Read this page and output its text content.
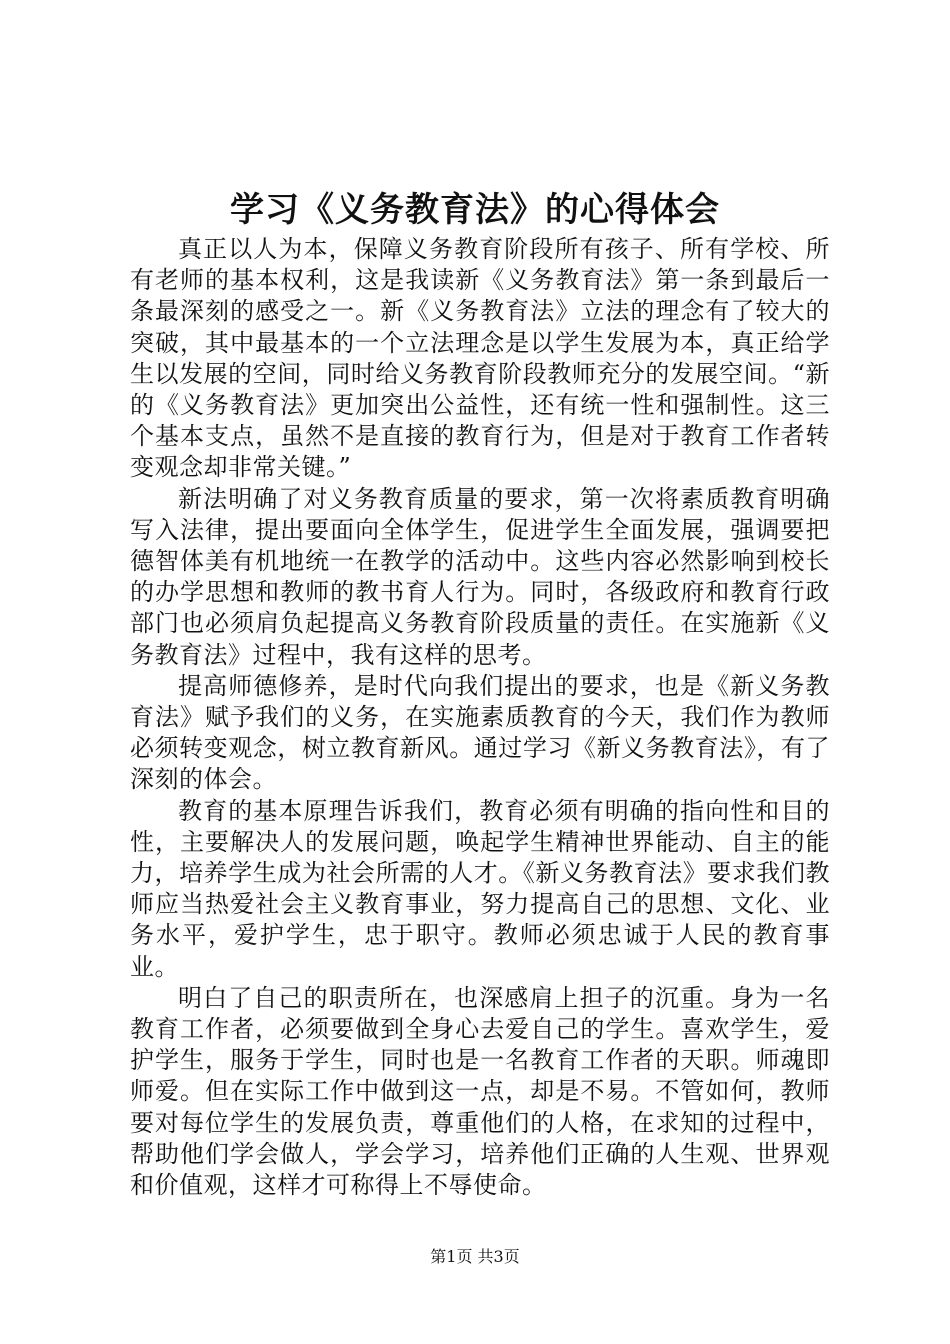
学习《义务教育法》的心得体会

真正以人为本，保障义务教育阶段所有孩子、所有学校、所有老师的基本权利，这是我读新《义务教育法》第一条到最后一条最深刻的感受之一。新《义务教育法》立法的理念有了较大的突破，其中最基本的一个立法理念是以学生发展为本，真正给学生以发展的空间，同时给义务教育阶段教师充分的发展空间。“新的《义务教育法》更加突出公益性，还有统一性和强制性。这三个基本支点，虽然不是直接的教育行为，但是对于教育工作者转变观念却非常关键。”

新法明确了对义务教育质量的要求，第一次将素质教育明确写入法律，提出要面向全体学生，促进学生全面发展，强调要把德智体美有机地统一在教学的活动中。这些内容必然影响到校长的办学思想和教师的教书育人行为。同时，各级政府和教育行政部门也必须肩负起提高义务教育阶段质量的责任。在实施新《义务教育法》过程中，我有这样的思考。

提高师德修养，是时代向我们提出的要求，也是《新义务教育法》赋予我们的义务，在实施素质教育的今天，我们作为教师必须转变观念，树立教育新风。通过学习《新义务教育法》，有了深刻的体会。

教育的基本原理告诉我们，教育必须有明确的指向性和目的性，主要解决人的发展问题，唤起学生精神世界能动、自主的能力，培养学生成为社会所需的人才。《新义务教育法》要求我们教师应当热爱社会主义教育事业，努力提高自己的思想、文化、业务水平，爱护学生，忠于职守。教师必须忠诚于人民的教育事业。

明白了自己的职责所在，也深感肩上担子的沉重。身为一名教育工作者，必须要做到全身心去爱自己的学生。喜欢学生，爱护学生，服务于学生，同时也是一名教育工作者的天职。师魂即师爱。但在实际工作中做到这一点，却是不易。不管如何，教师要对每位学生的发展负责，尊重他们的人格，在求知的过程中，帮助他们学会做人，学会学习，培养他们正确的人生观、世界观和价值观，这样才可称得上不辱使命。

第1页 共3页
